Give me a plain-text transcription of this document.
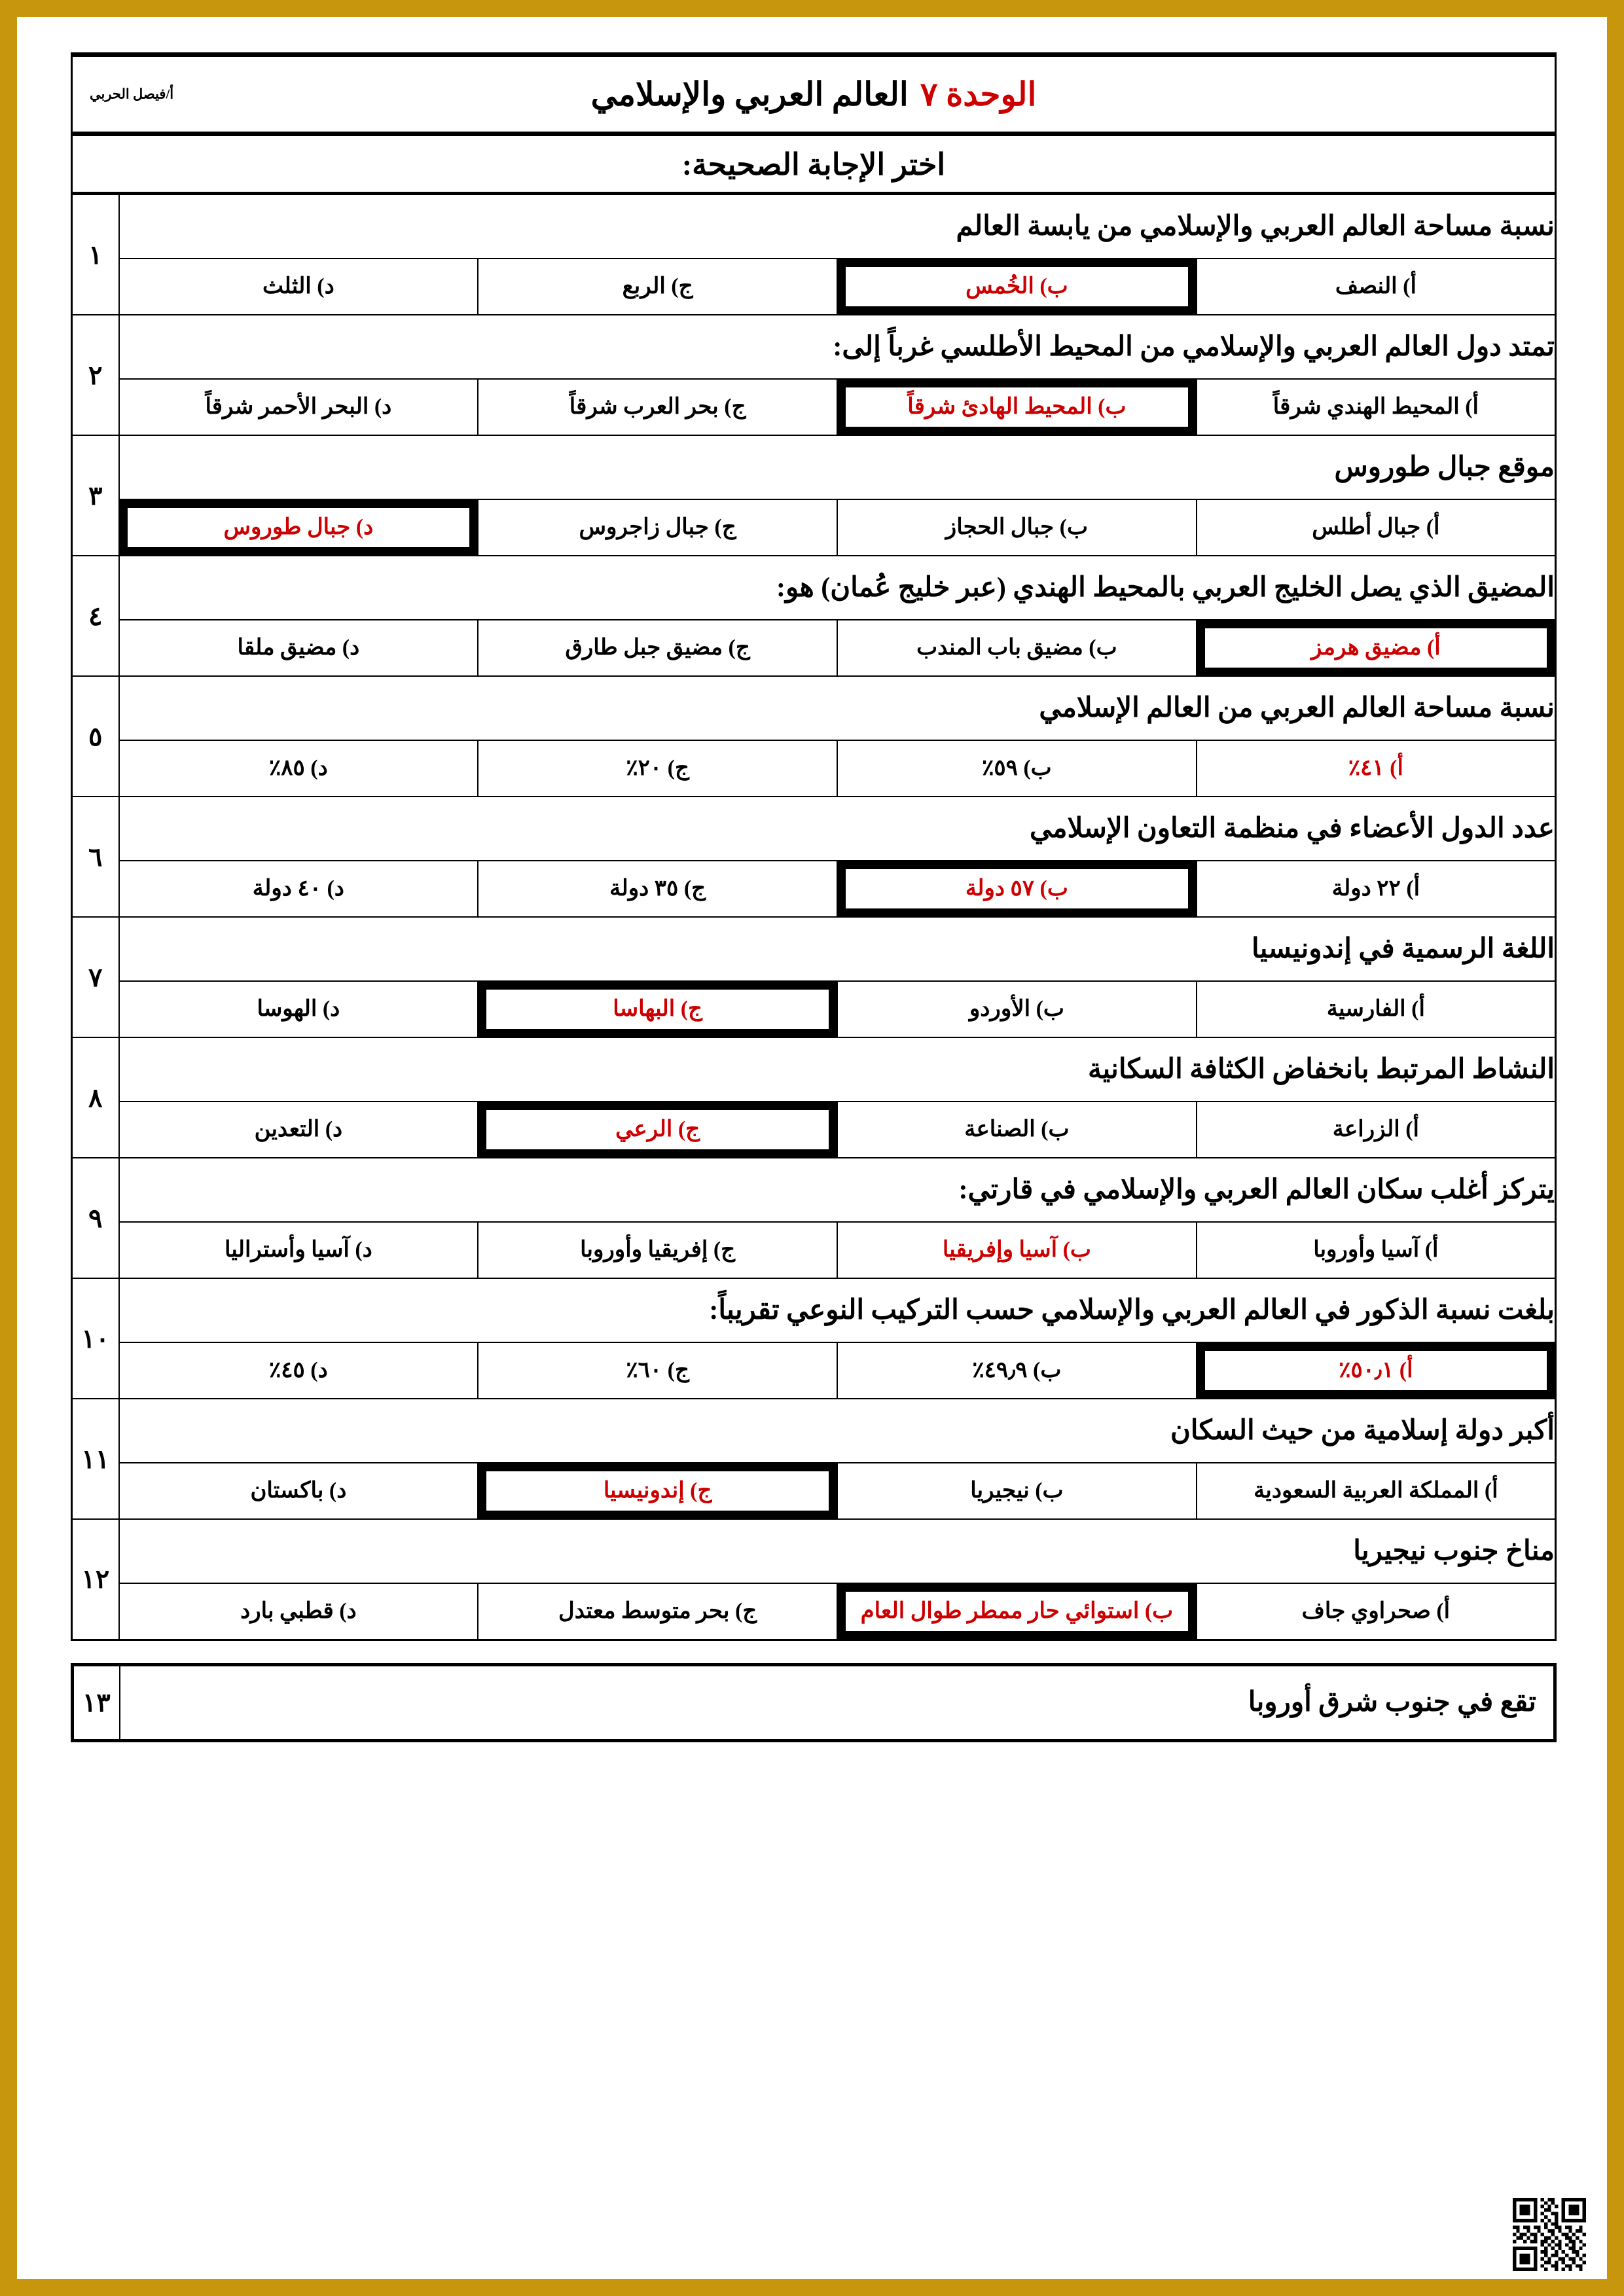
أ/فيصل الحربي	الوحدة ٧العالم العربي والإسلامي
اختر الإجابة الصحيحة:
نسبة مساحة العالم العربي والإسلامي من يابسة العالم				١

أ) النصف	ب) الخُمس	ج) الربع	د) الثلث	

تمتد دول العالم العربي والإسلامي من المحيط الأطلسي غرباً إلى:				٢

أ) المحيط الهندي شرقاً	ب) المحيط الهادئ شرقاً	ج) بحر العرب شرقاً	د) البحر الأحمر شرقاً	

موقع جبال طوروس				٣

أ) جبال أطلس	ب) جبال الحجاز	ج) جبال زاجروس	د) جبال طوروس	

المضيق الذي يصل الخليج العربي بالمحيط الهندي (عبر خليج عُمان) هو:				٤

أ) مضيق هرمز	ب) مضيق باب المندب	ج) مضيق جبل طارق	د) مضيق ملقا	

نسبة مساحة العالم العربي من العالم الإسلامي				٥

أ) ٤١٪	ب) ٥٩٪	ج) ٢٠٪	د) ٨٥٪	

عدد الدول الأعضاء في منظمة التعاون الإسلامي				٦

أ) ٢٢ دولة	ب) ٥٧ دولة	ج) ٣٥ دولة	د) ٤٠ دولة	

اللغة الرسمية في إندونيسيا				٧

أ) الفارسية	ب) الأوردو	ج) البهاسا	د) الهوسا	

النشاط المرتبط بانخفاض الكثافة السكانية				٨

أ) الزراعة	ب) الصناعة	ج) الرعي	د) التعدين	

يتركز أغلب سكان العالم العربي والإسلامي في قارتي:				٩

أ) آسيا وأوروبا	ب) آسيا وإفريقيا	ج) إفريقيا وأوروبا	د) آسيا وأستراليا	

بلغت نسبة الذكور في العالم العربي والإسلامي حسب التركيب النوعي تقريباً:				١٠

أ) ٥٠٫١٪	ب) ٤٩٫٩٪	ج) ٦٠٪	د) ٤٥٪	

أكبر دولة إسلامية من حيث السكان				١١

أ) المملكة العربية السعودية	ب) نيجيريا	ج) إندونيسيا	د) باكستان	

مناخ جنوب نيجيريا				١٢

أ) صحراوي جاف	ب) استوائي حار ممطر طوال العام	ج) بحر متوسط معتدل	د) قطبي بارد	
تقع في جنوب شرق أوروبا	١٣
